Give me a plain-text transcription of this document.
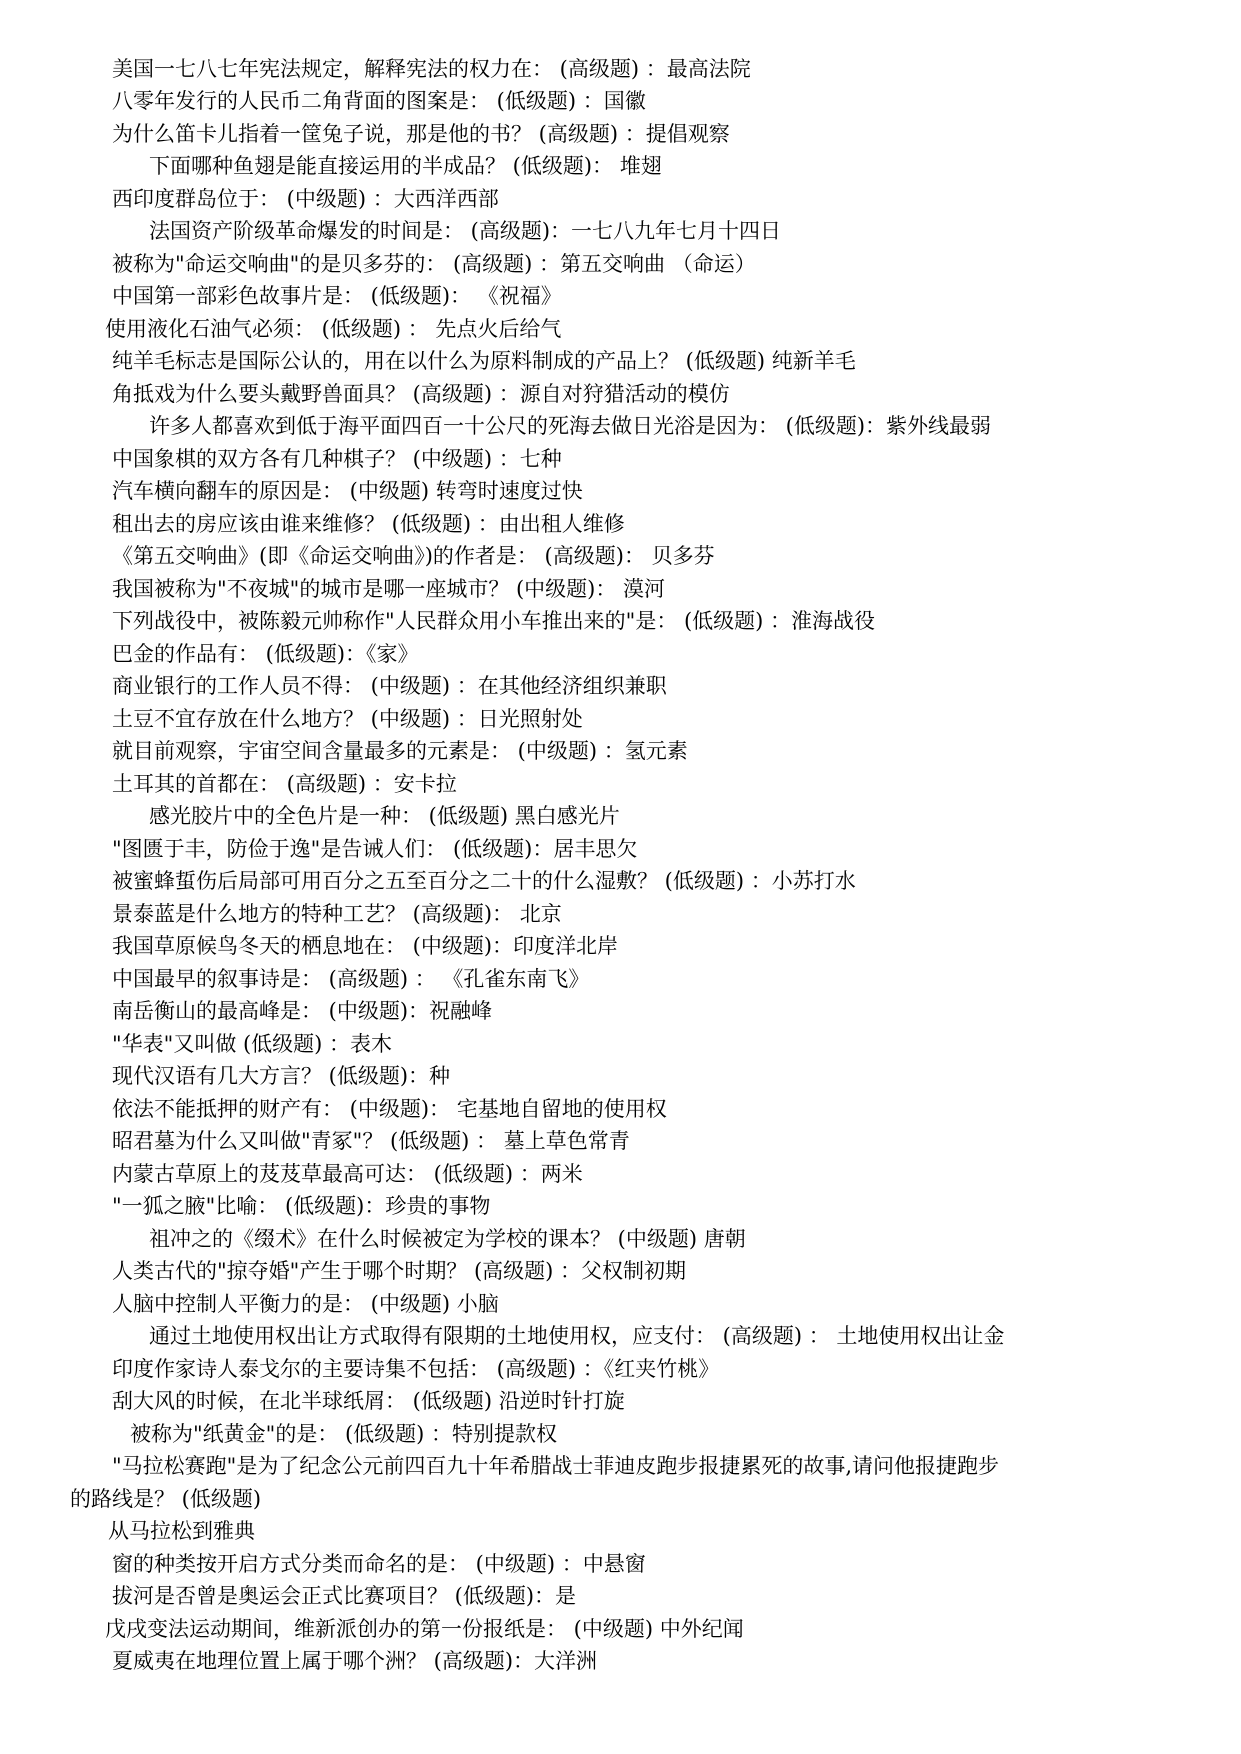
美国一七八七年宪法规定，解释宪法的权力在： (高级题) ：最高法院
八零年发行的人民币二角背面的图案是： (低级题) ：国徽
为什么笛卡儿指着一筐兔子说，那是他的书？ (高级题) ：提倡观察
下面哪种鱼翅是能直接运用的半成品？ (低级题)： 堆翅
西印度群岛位于： (中级题) ：大西洋西部
法国资产阶级革命爆发的时间是： (高级题)：一七八九年七月十四日
被称为"命运交响曲"的是贝多芬的： (高级题) ：第五交响曲 （命运）
中国第一部彩色故事片是： (低级题)： 《祝福》
使用液化石油气必须： (低级题) ： 先点火后给气
纯羊毛标志是国际公认的，用在以什么为原料制成的产品上？ (低级题) 纯新羊毛
角抵戏为什么要头戴野兽面具？ (高级题) ：源自对狩猎活动的模仿
许多人都喜欢到低于海平面四百一十公尺的死海去做日光浴是因为： (低级题)：紫外线最弱
中国象棋的双方各有几种棋子？ (中级题) ：七种
汽车横向翻车的原因是： (中级题) 转弯时速度过快
租出去的房应该由谁来维修？ (低级题) ：由出租人维修
《第五交响曲》(即《命运交响曲》)的作者是： (高级题)： 贝多芬
我国被称为"不夜城"的城市是哪一座城市？ (中级题)： 漠河
下列战役中，被陈毅元帅称作"人民群众用小车推出来的"是： (低级题) ：淮海战役
巴金的作品有： (低级题)：《家》
商业银行的工作人员不得： (中级题) ：在其他经济组织兼职
土豆不宜存放在什么地方？ (中级题) ：日光照射处
就目前观察，宇宙空间含量最多的元素是： (中级题) ：氢元素
土耳其的首都在： (高级题) ：安卡拉
感光胶片中的全色片是一种： (低级题) 黑白感光片
"图匮于丰，防俭于逸"是告诫人们： (低级题)：居丰思欠
被蜜蜂蜇伤后局部可用百分之五至百分之二十的什么湿敷？ (低级题) ：小苏打水
景泰蓝是什么地方的特种工艺？ (高级题)： 北京
我国草原候鸟冬天的栖息地在： (中级题)：印度洋北岸
中国最早的叙事诗是： (高级题) ： 《孔雀东南飞》
南岳衡山的最高峰是： (中级题)：祝融峰
"华表"又叫做 (低级题) ：表木
现代汉语有几大方言？ (低级题)：种
依法不能抵押的财产有： (中级题)： 宅基地自留地的使用权
昭君墓为什么又叫做"青冢"？ (低级题) ： 墓上草色常青
内蒙古草原上的芨芨草最高可达： (低级题) ：两米
"一狐之腋"比喻： (低级题)：珍贵的事物
祖冲之的《缀术》在什么时候被定为学校的课本？ (中级题) 唐朝
人类古代的"掠夺婚"产生于哪个时期？ (高级题) ：父权制初期
人脑中控制人平衡力的是： (中级题) 小脑
通过土地使用权出让方式取得有限期的土地使用权，应支付： (高级题) ： 土地使用权出让金
印度作家诗人泰戈尔的主要诗集不包括： (高级题) ：《红夹竹桃》
刮大风的时候，在北半球纸屑： (低级题) 沿逆时针打旋
被称为"纸黄金"的是： (低级题) ：特别提款权
"马拉松赛跑"是为了纪念公元前四百九十年希腊战士菲迪皮跑步报捷累死的故事,请问他报捷跑步
的路线是？ (低级题)
从马拉松到雅典
窗的种类按开启方式分类而命名的是： (中级题) ：中悬窗
拔河是否曾是奥运会正式比赛项目？ (低级题)：是
戊戌变法运动期间，维新派创办的第一份报纸是： (中级题) 中外纪闻
夏威夷在地理位置上属于哪个洲？ (高级题)：大洋洲
